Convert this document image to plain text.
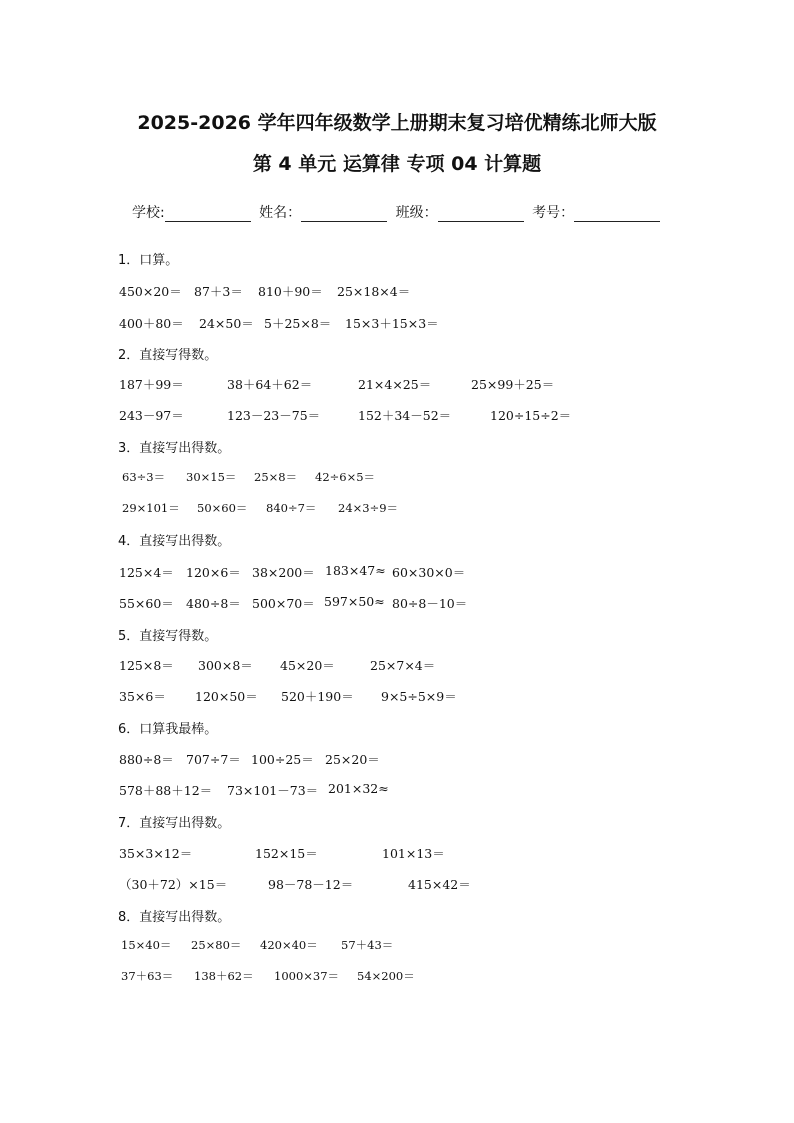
2025-2026 学年四年级数学上册期末复习培优精练北师大版
第 4 单元 运算律 专项 04 计算题
学校:	姓名：	班级：	考号：
1．口算。
450×20＝ 87＋3＝ 810＋90＝ 25×18×4＝
400＋80＝ 24×50＝ 5＋25×8＝ 15×3＋15×3＝
2．直接写得数。
187＋99＝	38＋64＋62＝	21×4×25＝	25×99＋25＝
243－97＝	123－23－75＝	152＋34－52＝	120÷15÷2＝
3．直接写出得数。
63÷3＝ 30×15＝ 25×8＝ 42÷6×5＝
29×101＝ 50×60＝ 840÷7＝ 24×3÷9＝
4．直接写出得数。
125×4＝ 120×6＝ 38×200＝ 183×47≈ 60×30×0＝
55×60＝ 480÷8＝ 500×70＝ 597×50≈ 80÷8－10＝
5．直接写得数。
125×8＝ 300×8＝ 45×20＝	25×7×4＝
35×6＝ 120×50＝ 520＋190＝ 9×5÷5×9＝
6．口算我最棒。
880÷8＝ 707÷7＝ 100÷25＝ 25×20＝
578＋88＋12＝ 73×101－73＝ 201×32≈
7．直接写出得数。
35×3×12＝	152×15＝	101×13＝
（30＋72）×15＝	98－78－12＝	415×42＝
8．直接写出得数。
15×40＝ 25×80＝ 420×40＝ 57＋43＝
37＋63＝ 138＋62＝ 1000×37＝ 54×200＝
